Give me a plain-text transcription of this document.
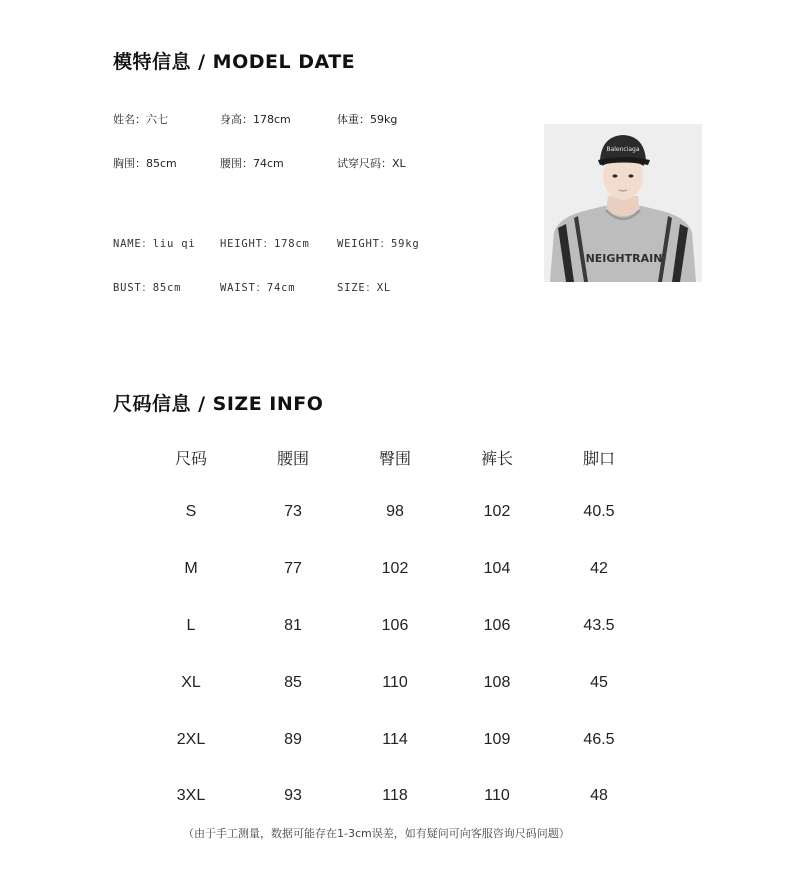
模特信息 / MODEL DATE
姓名：六七	身高：178cm	体重：59kg
胸围：85cm	腰围：74cm	试穿尺码：XL
NAME：liu qi HEIGHT：178cm	WEIGHT：59kg
BUST：85cm	WAIST：74cm	SIZE：XL
Balenciaga
NEIGHTRAIN
尺码信息 / SIZE INFO
尺码	腰围	臀围	裤长	脚口
S	73	98	102	40.5
M	77	102	104	42
L	81	106	106	43.5
XL	85	110	108	45
2XL	89	114	109	46.5
3XL	93	118	110	48
（由于手工测量，数据可能存在1-3cm误差，如有疑问可向客服咨询尺码问题）
